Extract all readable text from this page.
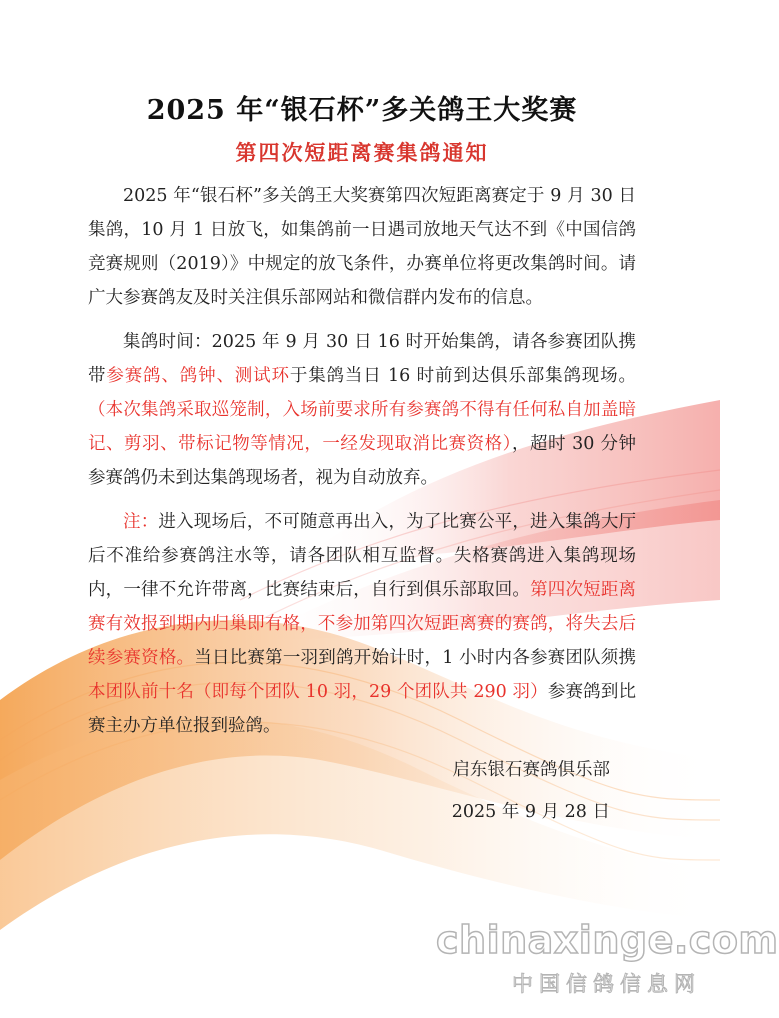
2025 年“银石杯”多关鸽王大奖赛
第四次短距离赛集鸽通知

2025 年“银石杯”多关鸽王大奖赛第四次短距离赛定于 9 月 30 日集鸽，10 月 1 日放飞，如集鸽前一日遇司放地天气达不到《中国信鸽竞赛规则（2019）》中规定的放飞条件，办赛单位将更改集鸽时间。请广大参赛鸽友及时关注俱乐部网站和微信群内发布的信息。

集鸽时间：2025 年 9 月 30 日 16 时开始集鸽，请各参赛团队携带参赛鸽、鸽钟、测试环于集鸽当日 16 时前到达俱乐部集鸽现场。（本次集鸽采取巡笼制，入场前要求所有参赛鸽不得有任何私自加盖暗记、剪羽、带标记物等情况，一经发现取消比赛资格），超时 30 分钟参赛鸽仍未到达集鸽现场者，视为自动放弃。

注：进入现场后，不可随意再出入，为了比赛公平，进入集鸽大厅后不准给参赛鸽注水等，请各团队相互监督。失格赛鸽进入集鸽现场内，一律不允许带离，比赛结束后，自行到俱乐部取回。第四次短距离赛有效报到期内归巢即有格，不参加第四次短距离赛的赛鸽，将失去后续参赛资格。当日比赛第一羽到鸽开始计时，1 小时内各参赛团队须携本团队前十名（即每个团队 10 羽，29 个团队共 290 羽）参赛鸽到比赛主办方单位报到验鸽。

启东银石赛鸽俱乐部
2025 年 9 月 28 日
chinaxinge.com
中国信鸽信息网
